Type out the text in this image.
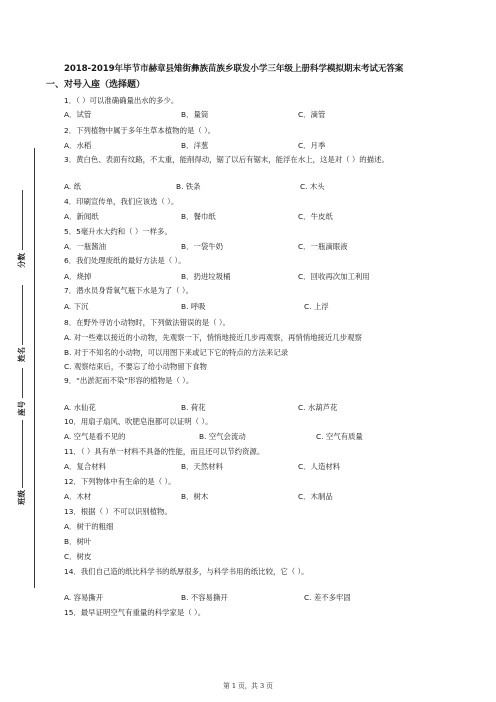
分数
姓名
座号
班级
2018-2019年毕节市赫章县雉街彝族苗族乡联发小学三年级上册科学模拟期末考试无答案
一、对号入座（选择题）
1．（ ）可以准确确量出水的多少。
A．试管	B．量筒	C．滴管
2．下列植物中属于多年生草本植物的是（ ）。
A．水稻	B．洋葱	C．月季
3．黄白色、表面有纹路，不太重，能削得动，锯了以后有锯末，能浮在水上，这是对（ ）的描述。
A. 纸	B. 铁条	C. 木头
4．印刷宣传单，我们应该选（ ）。
A．新闻纸	B．餐巾纸	C．牛皮纸
5．5毫升水大约和（ ）一样多。
A．一瓶酱油	B．一袋牛奶	C．一瓶滴眼液
6．我们处理废纸的最好方法是（ ）。
A．烧掉	B．扔进垃圾桶	C．回收再次加工利用
7．潜水员身背氧气瓶下水是为了（ ）。
A. 下沉	B. 呼吸	C. 上浮
8．在野外寻访小动物时，下列做法错误的是（ ）。
A. 对一些难以接近的小动物，先观察一下，悄悄地接近几步再观察，再悄悄地接近几步观察
B. 对于不知名的小动物，可以用图下来或记下它的特点的方法来记录
C. 观察结束后，不要忘了给小动物留下食物
9．“出淤泥而不染”形容的植物是（ ）。
A. 水仙花	B. 荷花	C. 水葫芦花
10．用扇子扇风、吹肥皂泡都可以证明（ ）。
A. 空气是看不见的	B. 空气会流动	C. 空气有质量
11．（ ）具有单一材料不具备的性能，而且还可以节约资源。
A．复合材料	B．天然材料	C．人造材料
12．下列物体中有生命的是（ ）。
A．木材	B．树木	C．木制品
13．根据（ ）不可以识别植物。
A．树干的粗细
B．树叶
C．树皮
14．我们自己造的纸比科学书的纸厚很多，与科学书用的纸比较，它（ ）。
A. 容易撕开	B. 不容易撕开	C. 差不多牢固
15．最早证明空气有重量的科学家是（ ）。
第 1 页，共 3 页
